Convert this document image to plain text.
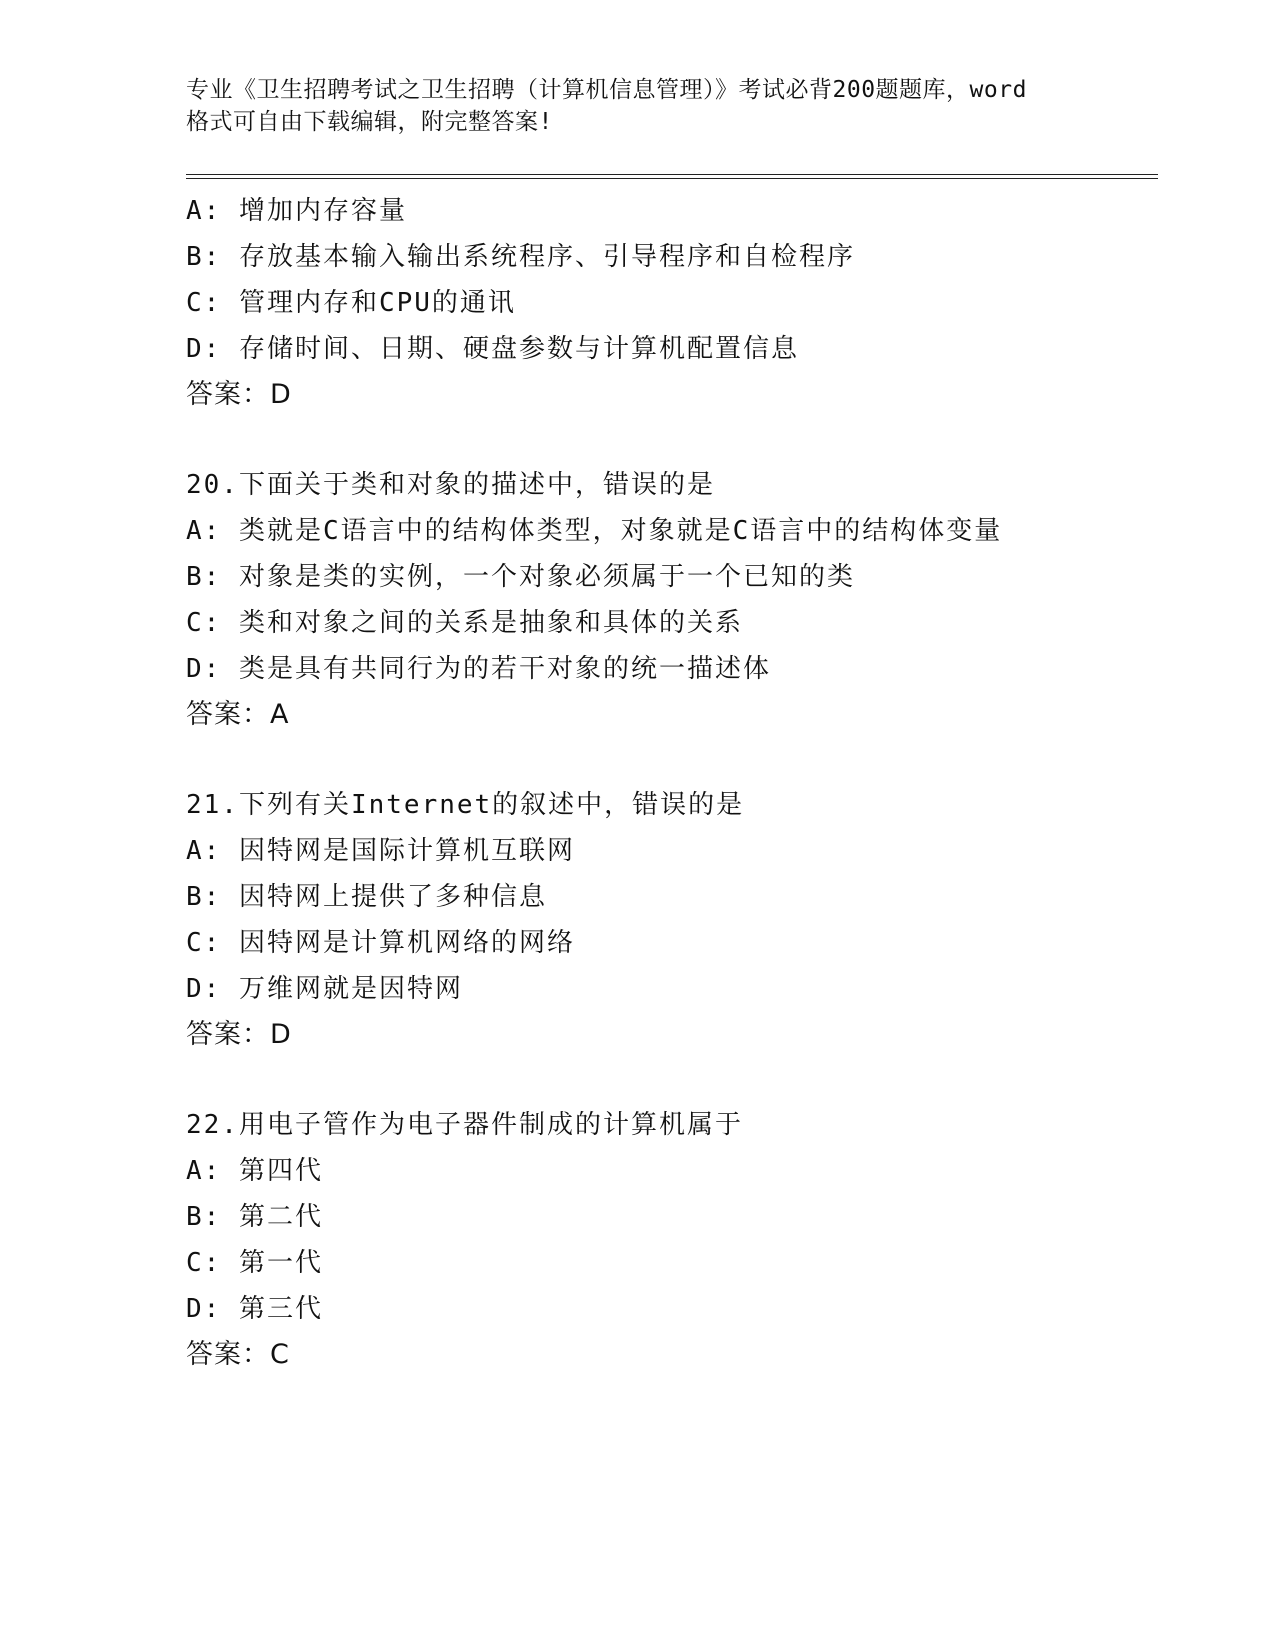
专业《卫生招聘考试之卫生招聘（计算机信息管理）》考试必背200题题库，word
格式可自由下载编辑，附完整答案!
A: 增加内存容量
B: 存放基本输入输出系统程序、引导程序和自检程序
C: 管理内存和CPU的通讯
D: 存储时间、日期、硬盘参数与计算机配置信息
答案：D
20.下面关于类和对象的描述中，错误的是
A: 类就是C语言中的结构体类型，对象就是C语言中的结构体变量
B: 对象是类的实例，一个对象必须属于一个已知的类
C: 类和对象之间的关系是抽象和具体的关系
D: 类是具有共同行为的若干对象的统一描述体
答案：A
21.下列有关Internet的叙述中，错误的是
A: 因特网是国际计算机互联网
B: 因特网上提供了多种信息
C: 因特网是计算机网络的网络
D: 万维网就是因特网
答案：D
22.用电子管作为电子器件制成的计算机属于
A: 第四代
B: 第二代
C: 第一代
D: 第三代
答案：C
